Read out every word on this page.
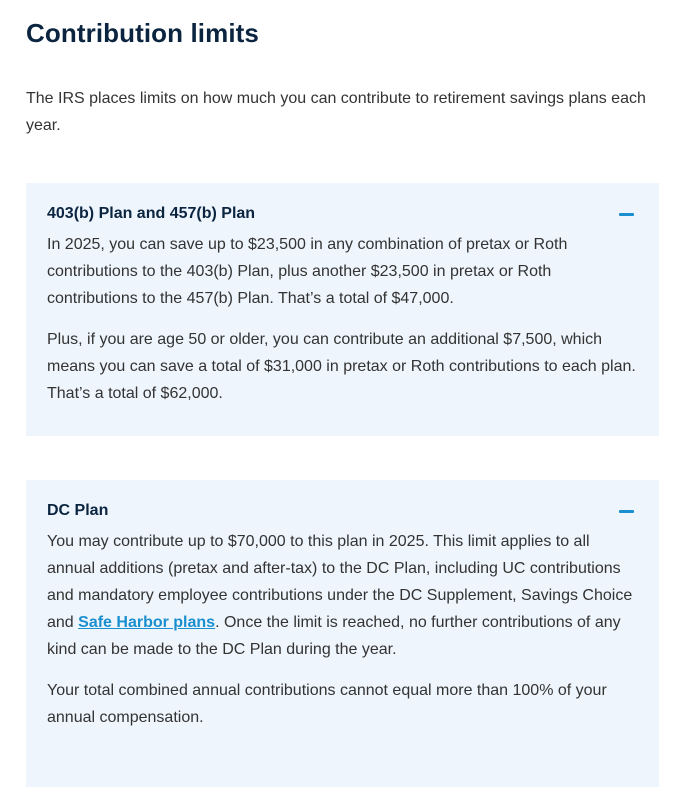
Contribution limits

The IRS places limits on how much you can contribute to retirement savings plans each year.

403(b) Plan and 457(b) Plan

In 2025, you can save up to $23,500 in any combination of pretax or Roth contributions to the 403(b) Plan, plus another $23,500 in pretax or Roth contributions to the 457(b) Plan. That’s a total of $47,000.

Plus, if you are age 50 or older, you can contribute an additional $7,500, which means you can save a total of $31,000 in pretax or Roth contributions to each plan. That’s a total of $62,000.

DC Plan

You may contribute up to $70,000 to this plan in 2025. This limit applies to all annual additions (pretax and after-tax) to the DC Plan, including UC contributions and mandatory employee contributions under the DC Supplement, Savings Choice and Safe Harbor plans. Once the limit is reached, no further contributions of any kind can be made to the DC Plan during the year.

Your total combined annual contributions cannot equal more than 100% of your annual compensation.
